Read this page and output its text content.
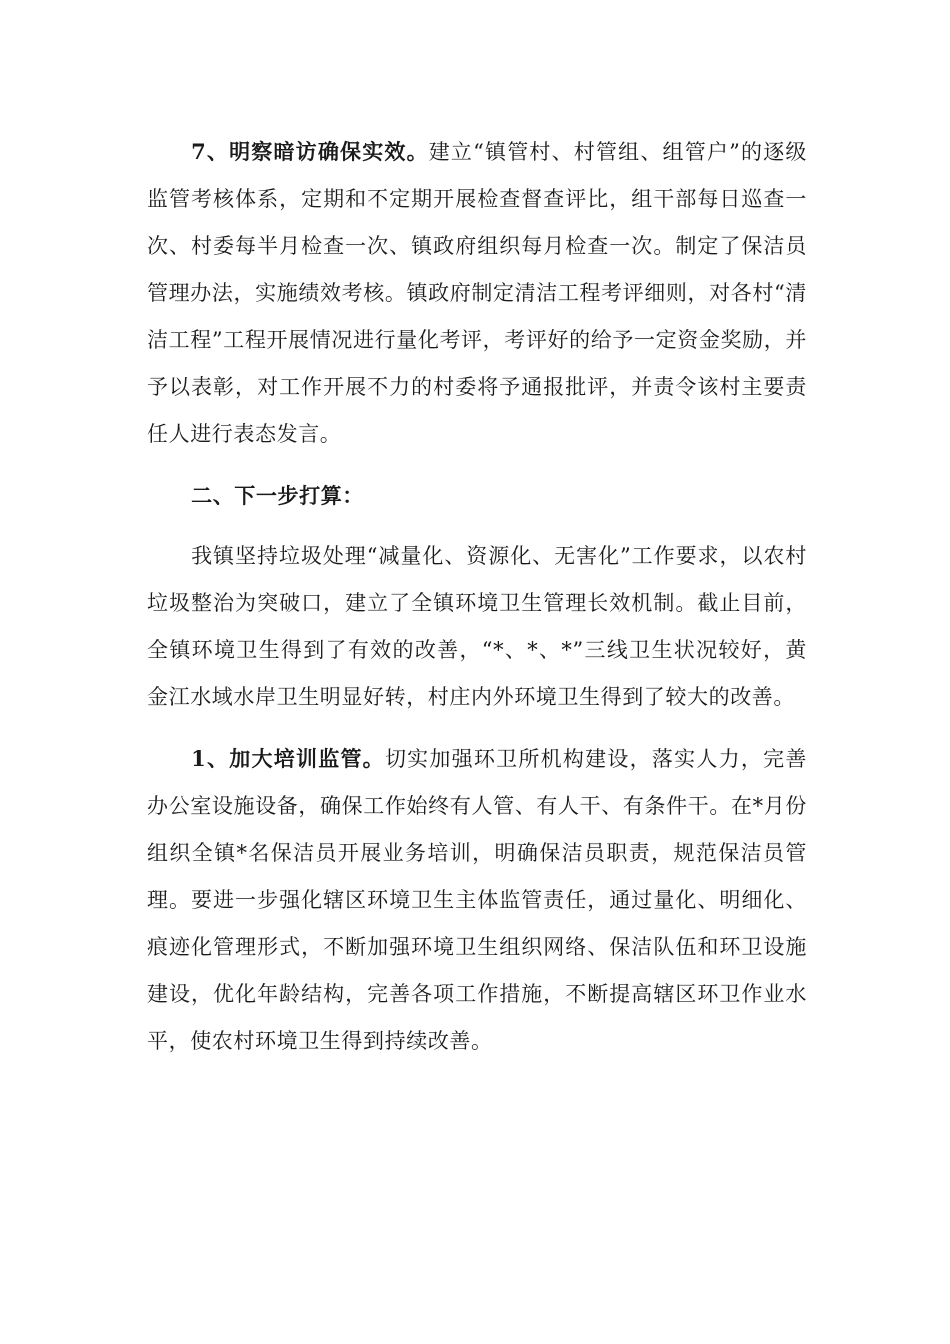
7、明察暗访确保实效。建立“镇管村、村管组、组管户”的逐级监管考核体系，定期和不定期开展检查督查评比，组干部每日巡查一次、村委每半月检查一次、镇政府组织每月检查一次。制定了保洁员管理办法，实施绩效考核。镇政府制定清洁工程考评细则，对各村“清洁工程”工程开展情况进行量化考评，考评好的给予一定资金奖励，并予以表彰，对工作开展不力的村委将予通报批评，并责令该村主要责任人进行表态发言。

二、下一步打算：

我镇坚持垃圾处理“减量化、资源化、无害化”工作要求，以农村垃圾整治为突破口，建立了全镇环境卫生管理长效机制。截止目前，全镇环境卫生得到了有效的改善，“*、*、*”三线卫生状况较好，黄金江水域水岸卫生明显好转，村庄内外环境卫生得到了较大的改善。

1、加大培训监管。切实加强环卫所机构建设，落实人力，完善办公室设施设备，确保工作始终有人管、有人干、有条件干。在*月份组织全镇*名保洁员开展业务培训，明确保洁员职责，规范保洁员管理。要进一步强化辖区环境卫生主体监管责任，通过量化、明细化、痕迹化管理形式，不断加强环境卫生组织网络、保洁队伍和环卫设施建设，优化年龄结构，完善各项工作措施，不断提高辖区环卫作业水平，使农村环境卫生得到持续改善。
